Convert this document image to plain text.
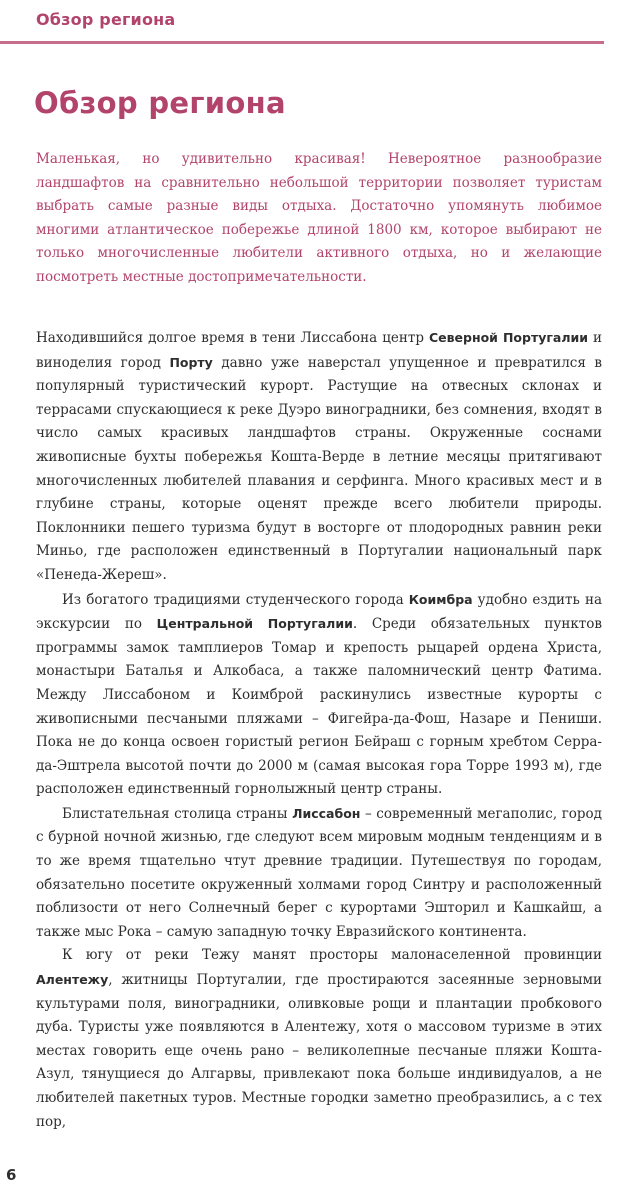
Обзор региона
Обзор региона

Маленькая, но удивительно красивая! Невероятное разнообразие ландшафтов на сравнительно небольшой территории позволяет туристам выбрать самые разные виды отдыха. Достаточно упомянуть любимое многими атлантическое побережье длиной 1800 км, которое выбирают не только многочисленные любители активного отдыха, но и желающие посмотреть местные достопримечательности.

Находившийся долгое время в тени Лиссабона центр Северной Португалии и виноделия город Порту давно уже наверстал упущенное и превратился в популярный туристический курорт. Растущие на отвесных склонах и террасами спускающиеся к реке Дуэро виноградники, без сомнения, входят в число самых красивых ландшафтов страны. Окруженные соснами живописные бухты побережья Кошта-Верде в летние месяцы притягивают многочисленных любителей плавания и серфинга. Много красивых мест и в глубине страны, которые оценят прежде всего любители природы. Поклонники пешего туризма будут в восторге от плодородных равнин реки Миньо, где расположен единственный в Португалии национальный парк «Пенеда-Жереш».

Из богатого традициями студенческого города Коимбра удобно ездить на экскурсии по Центральной Португалии. Среди обязательных пунктов программы замок тамплиеров Томар и крепость рыцарей ордена Христа, монастыри Баталья и Алкобаса, а также паломнический центр Фатима. Между Лиссабоном и Коимброй раскинулись известные курорты с живописными песчаными пляжами – Фигейра-да-Фош, Назаре и Пениши. Пока не до конца освоен гористый регион Бейраш с горным хребтом Серра-да-Эштрела высотой почти до 2000 м (самая высокая гора Торре 1993 м), где расположен единственный горнолыжный центр страны.

Блистательная столица страны Лиссабон – современный мегаполис, город с бурной ночной жизнью, где следуют всем мировым модным тенденциям и в то же время тщательно чтут древние традиции. Путешествуя по городам, обязательно посетите окруженный холмами город Синтру и расположенный поблизости от него Солнечный берег с курортами Эшторил и Кашкайш, а также мыс Рока – самую западную точку Евразийского континента.

К югу от реки Тежу манят просторы малонаселенной провинции Алентежу, житницы Португалии, где простираются засеянные зерновыми культурами поля, виноградники, оливковые рощи и плантации пробкового дуба. Туристы уже появляются в Алентежу, хотя о массовом туризме в этих местах говорить еще очень рано – великолепные песчаные пляжи Кошта-Азул, тянущиеся до Алгарвы, привлекают пока больше индивидуалов, а не любителей пакетных туров. Местные городки заметно преобразились, а с тех пор,

6
